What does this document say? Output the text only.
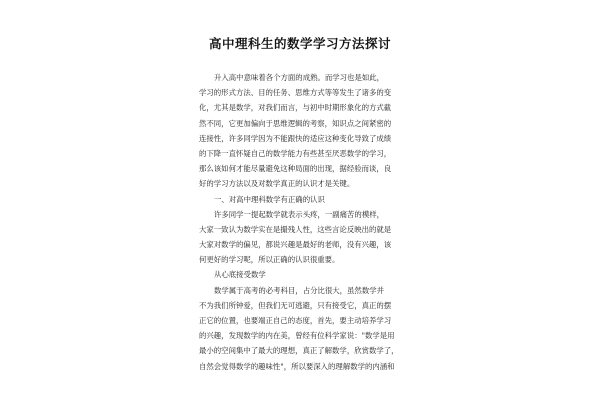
高中理科生的数学学习方法探讨
升入高中意味着各个方面的成熟。而学习也是如此，
学习的形式方法、目的任务、思维方式等等发生了诸多的变
化，尤其是数学，对我们而言，与初中时期形象化的方式截
然不同，它更加偏向于思维逻辑的考察，知识点之间紧密的
连接性，许多同学因为不能跟快的适应这种变化导致了成绩
的下降一直怀疑自己的数学能力有些甚至厌恶数学的学习，
那么该如何才能尽量避免这种局面的出现，据经验而谈，良
好的学习方法以及对数学真正的认识才是关键。
一、对高中理科数学有正确的认识
许多同学一提起数学就表示头疼，一副痛苦的模样，
大家一致认为数学实在是撮残人性，这些言论反映出的就是
大家对数学的偏见，都说兴趣是最好的老师，没有兴趣，该
何更好的学习呢，所以正确的认识很重要。
从心底接受数学
数学属于高考的必考科目，占分比很大，虽然数学并
不为我们所钟爱，但我们无可逃避，只有接受它，真正的摆
正它的位置，也要端正自己的态度，首先，要主动培养学习
的兴趣，发现数学的内在美，曾经有位科学家说："数学是用
最小的空间集中了最大的理想，真正了解数学，欣赏数学了，
自然会觉得数学的趣味性"，所以要深入的理解数学的内涵和
